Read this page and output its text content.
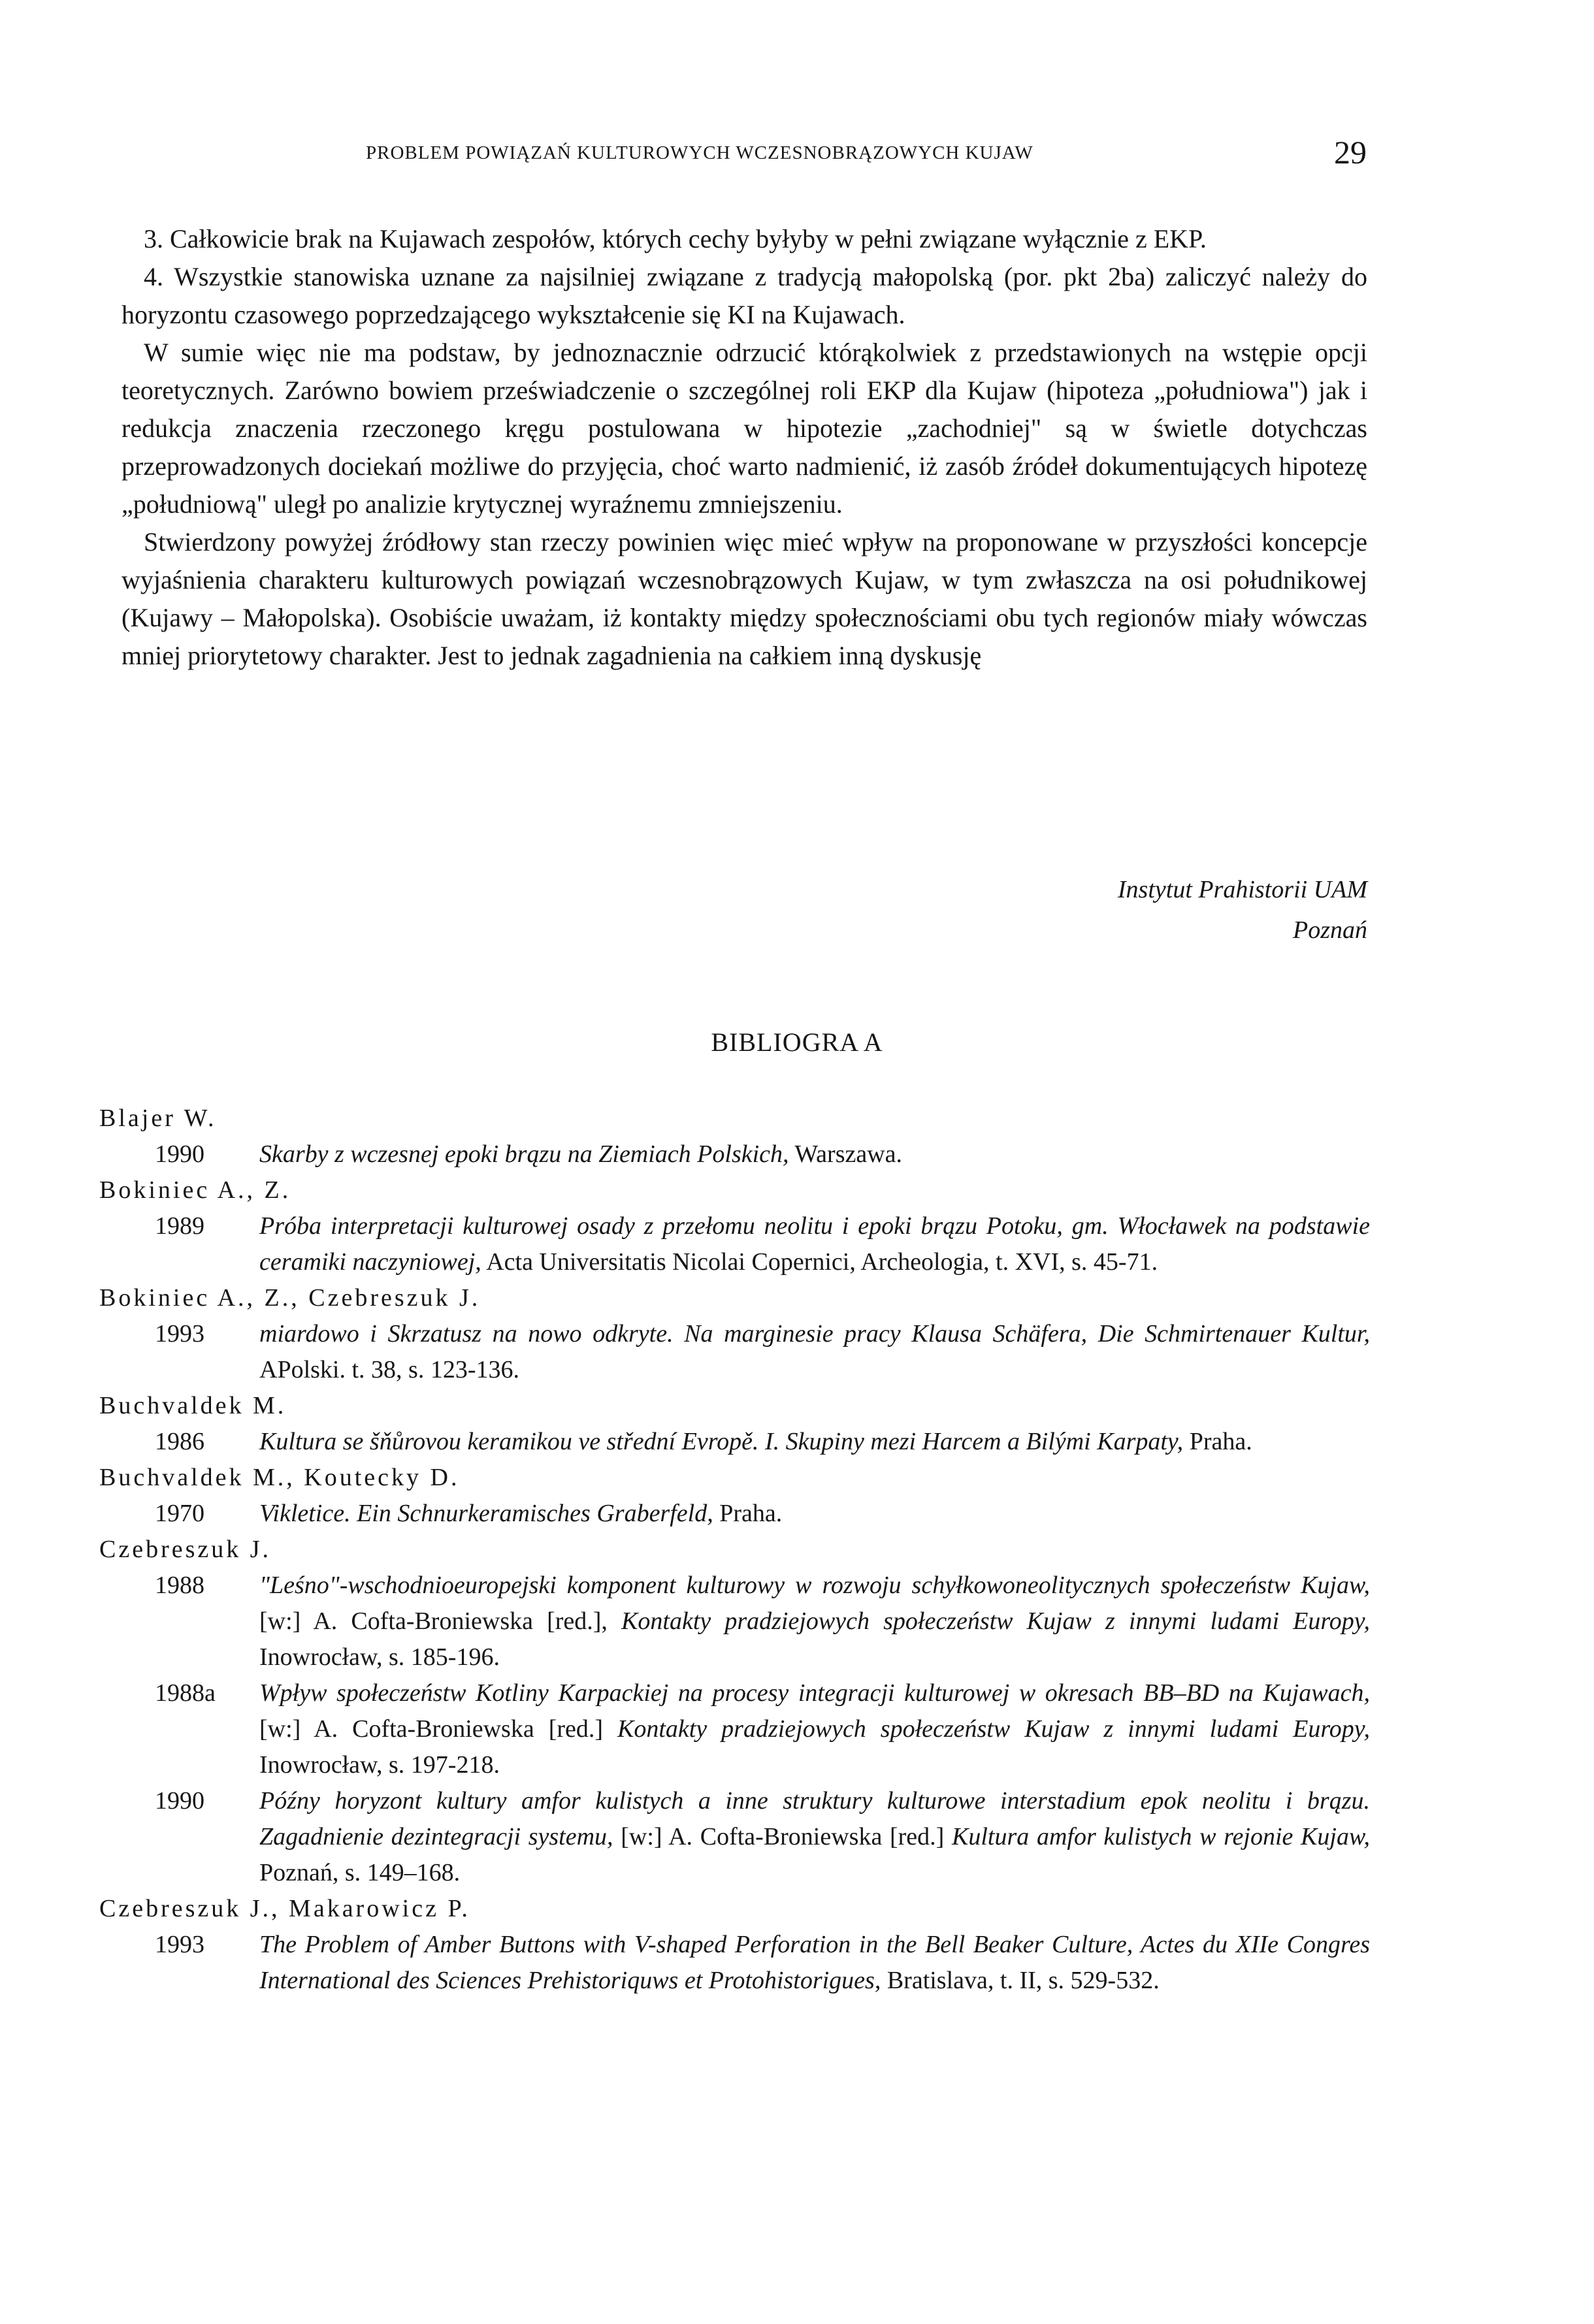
PROBLEM POWIĄZAŃ KULTUROWYCH WCZESNOBRĄZOWYCH KUJAW	29

3. Całkowicie brak na Kujawach zespołów, których cechy byłyby w pełni związane wyłącznie z EKP.

4. Wszystkie stanowiska uznane za najsilniej związane z tradycją małopolską (por. pkt 2ba) zaliczyć należy do horyzontu czasowego poprzedzającego wykształcenie się KI na Kujawach.

W sumie więc nie ma podstaw, by jednoznacznie odrzucić którąkolwiek z przedstawionych na wstępie opcji teoretycznych. Zarówno bowiem przeświadczenie o szczególnej roli EKP dla Kujaw (hipoteza „południowa") jak i redukcja znaczenia rzeczonego kręgu postulowana w hipotezie „zachodniej" są w świetle dotychczas przeprowadzonych dociekań możliwe do przyjęcia, choć warto nadmienić, iż zasób źródeł dokumentujących hipotezę „południową" uległ po analizie krytycznej wyraźnemu zmniejszeniu.

Stwierdzony powyżej źródłowy stan rzeczy powinien więc mieć wpływ na proponowane w przyszłości koncepcje wyjaśnienia charakteru kulturowych powiązań wczesnobrązowych Kujaw, w tym zwłaszcza na osi południkowej (Kujawy – Małopolska). Osobiście uważam, iż kontakty między społecznościami obu tych regionów miały wówczas mniej priorytetowy charakter. Jest to jednak zagadnienia na całkiem inną dyskusję

Instytut Prahistorii UAM
Poznań
BIBLIOGRA A

Blajer W.

1990	Skarby z wczesnej epoki brązu na Ziemiach Polskich, Warszawa.

Bokiniec A., Z.

1989	Próba interpretacji kulturowej osady z przełomu neolitu i epoki brązu Potoku, gm. Włocławek na podstawie ceramiki naczyniowej, Acta Universitatis Nicolai Copernici, Archeologia, t. XVI, s. 45-71.

Bokiniec A., Z., Czebreszuk J.

1993	miardowo i Skrzatusz na nowo odkryte. Na marginesie pracy Klausa Schäfera, Die Schmirtenauer Kultur, APolski. t. 38, s. 123-136.

Buchvaldek M.

1986	Kultura se šňůrovou keramikou ve střední Evropě. I. Skupiny mezi Harcem a Bilými Karpaty, Praha.

Buchvaldek M., Koutecky D.

1970	Vikletice. Ein Schnurkeramisches Graberfeld, Praha.

Czebreszuk J.

1988	"Leśno"-wschodnioeuropejski komponent kulturowy w rozwoju schyłkowoneolitycznych społeczeństw Kujaw, [w:] A. Cofta-Broniewska [red.], Kontakty pradziejowych społeczeństw Kujaw z innymi ludami Europy, Inowrocław, s. 185-196.
1988a	Wpływ społeczeństw Kotliny Karpackiej na procesy integracji kulturowej w okresach BB–BD na Kujawach, [w:] A. Cofta-Broniewska [red.] Kontakty pradziejowych społeczeństw Kujaw z innymi ludami Europy, Inowrocław, s. 197-218.
1990	Późny horyzont kultury amfor kulistych a inne struktury kulturowe interstadium epok neolitu i brązu. Zagadnienie dezintegracji systemu, [w:] A. Cofta-Broniewska [red.] Kultura amfor kulistych w rejonie Kujaw, Poznań, s. 149–168.

Czebreszuk J., Makarowicz P.

1993	The Problem of Amber Buttons with V-shaped Perforation in the Bell Beaker Culture, Actes du XIIe Congres International des Sciences Prehistoriquws et Protohistorigues, Bratislava, t. II, s. 529-532.
